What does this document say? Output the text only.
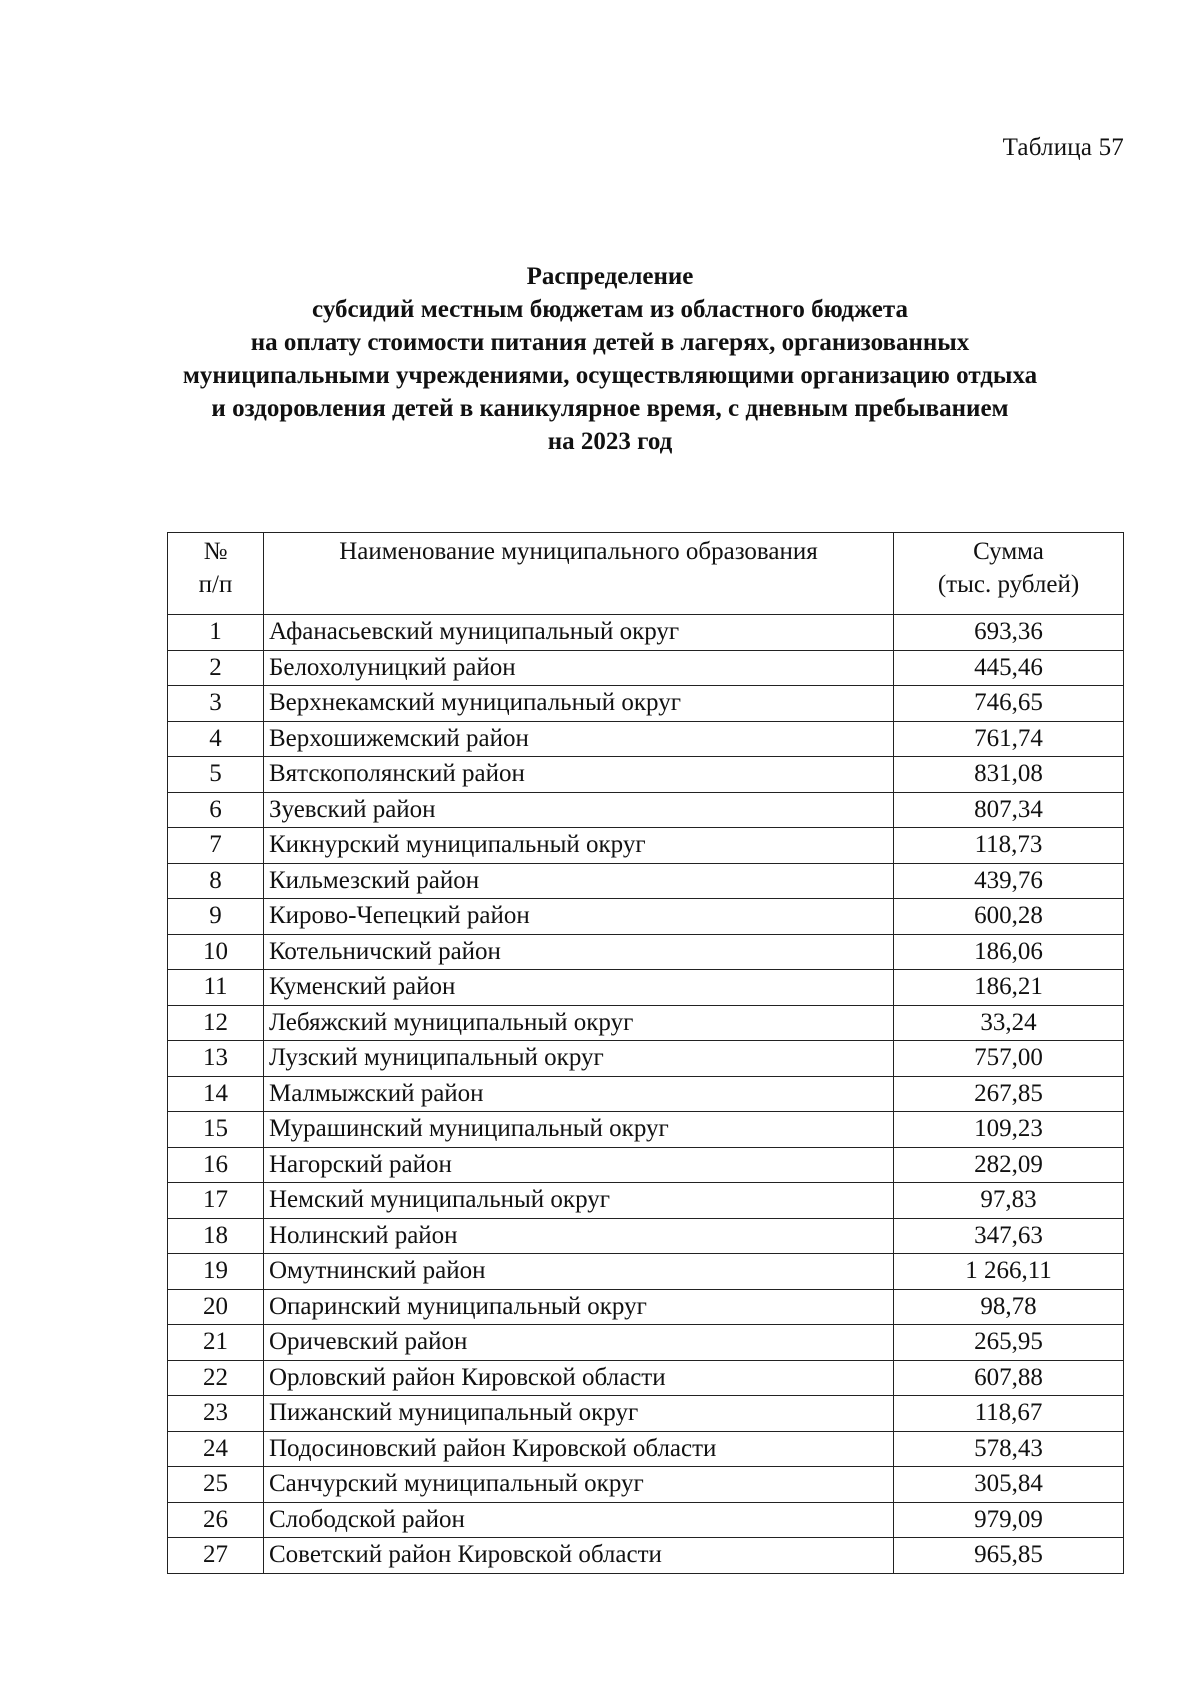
Таблица 57
Распределение
субсидий местным бюджетам из областного бюджета
на оплату стоимости питания детей в лагерях, организованных
муниципальными учреждениями, осуществляющими организацию отдыха
и оздоровления детей в каникулярное время, с дневным пребыванием
на 2023 год
№
п/п	Наименование муниципального образования	Сумма
(тыс. рублей)

1	Афанасьевский муниципальный округ	693,36
2	Белохолуницкий район	445,46
3	Верхнекамский муниципальный округ	746,65
4	Верхошижемский район	761,74
5	Вятскополянский район	831,08
6	Зуевский район	807,34
7	Кикнурский муниципальный округ	118,73
8	Кильмезский район	439,76
9	Кирово-Чепецкий район	600,28
10	Котельничский район	186,06
11	Куменский район	186,21
12	Лебяжский муниципальный округ	33,24
13	Лузский муниципальный округ	757,00
14	Малмыжский район	267,85
15	Мурашинский муниципальный округ	109,23
16	Нагорский район	282,09
17	Немский муниципальный округ	97,83
18	Нолинский район	347,63
19	Омутнинский район	1 266,11
20	Опаринский муниципальный округ	98,78
21	Оричевский район	265,95
22	Орловский район Кировской области	607,88
23	Пижанский муниципальный округ	118,67
24	Подосиновский район Кировской области	578,43
25	Санчурский муниципальный округ	305,84
26	Слободской район	979,09
27	Советский район Кировской области	965,85
